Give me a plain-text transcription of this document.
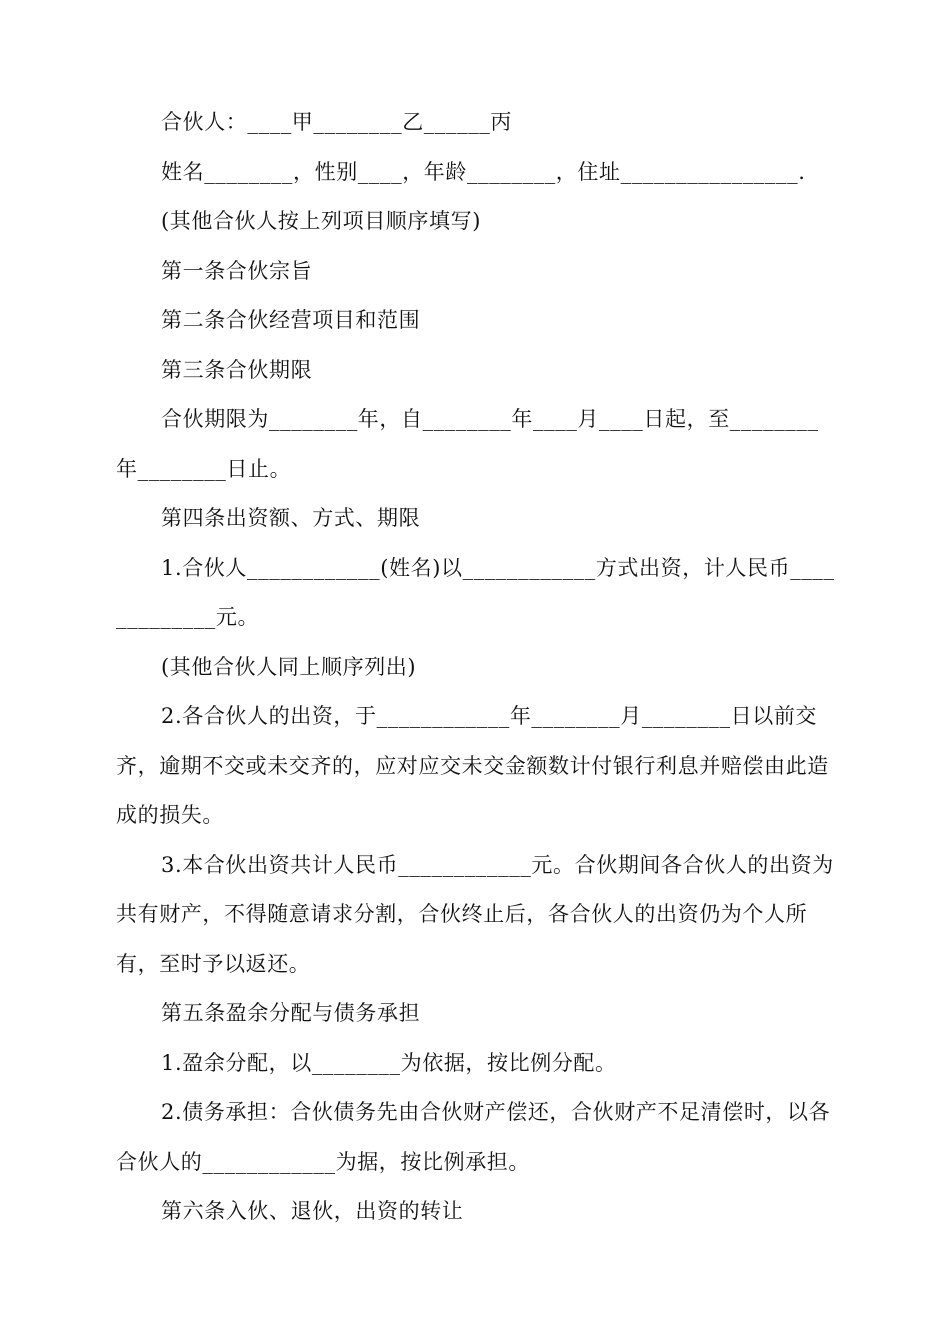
合伙人：____甲________乙______丙

姓名________，性别____，年龄________，住址________________.

(其他合伙人按上列项目顺序填写)

第一条合伙宗旨

第二条合伙经营项目和范围

第三条合伙期限

合伙期限为________年，自________年____月____日起，至________年________日止。

第四条出资额、方式、期限

1.合伙人____________(姓名)以____________方式出资，计人民币_____________元。

(其他合伙人同上顺序列出)

2.各合伙人的出资，于____________年________月________日以前交齐，逾期不交或未交齐的，应对应交未交金额数计付银行利息并赔偿由此造成的损失。

3.本合伙出资共计人民币____________元。合伙期间各合伙人的出资为共有财产，不得随意请求分割，合伙终止后，各合伙人的出资仍为个人所有，至时予以返还。

第五条盈余分配与债务承担

1.盈余分配，以________为依据，按比例分配。

2.债务承担：合伙债务先由合伙财产偿还，合伙财产不足清偿时，以各合伙人的____________为据，按比例承担。

第六条入伙、退伙，出资的转让
